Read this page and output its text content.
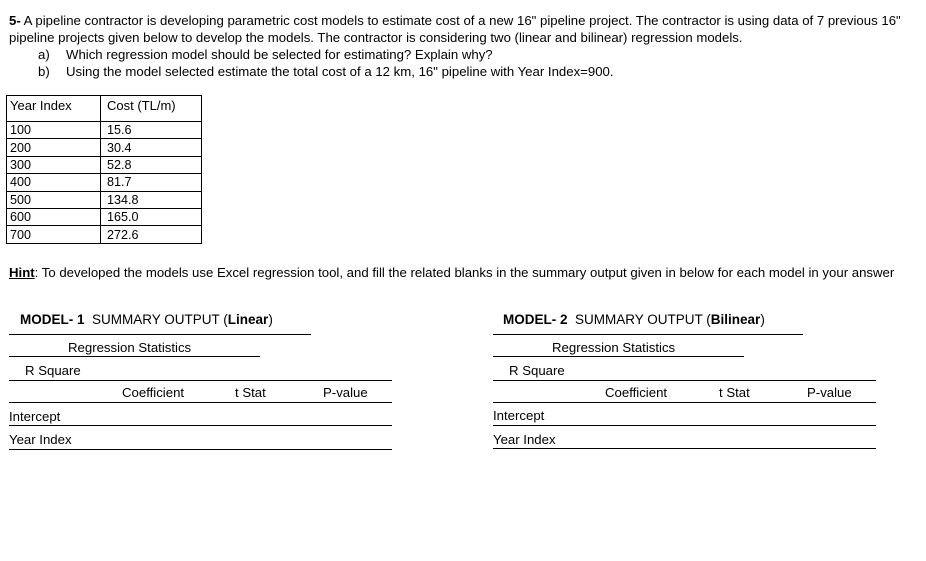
5- A pipeline contractor is developing parametric cost models to estimate cost of a new 16" pipeline project. The contractor is using data of 7 previous 16" pipeline projects given below to develop the models. The contractor is considering two (linear and bilinear) regression models.
a) Which regression model should be selected for estimating? Explain why?
b) Using the model selected estimate the total cost of a 12 km, 16" pipeline with Year Index=900.
Year Index	Cost (TL/m)
100	15.6
200	30.4
300	52.8
400	81.7
500	134.8
600	165.0
700	272.6
Hint: To developed the models use Excel regression tool, and fill the related blanks in the summary output given in below for each model in your answer
MODEL- 1  SUMMARY OUTPUT (Linear)
Regression Statistics
R Square
Coefficient	t Stat	P-value
Intercept
Year Index
MODEL- 2  SUMMARY OUTPUT (Bilinear)
Regression Statistics
R Square
Coefficient	t Stat	P-value
Intercept
Year Index
